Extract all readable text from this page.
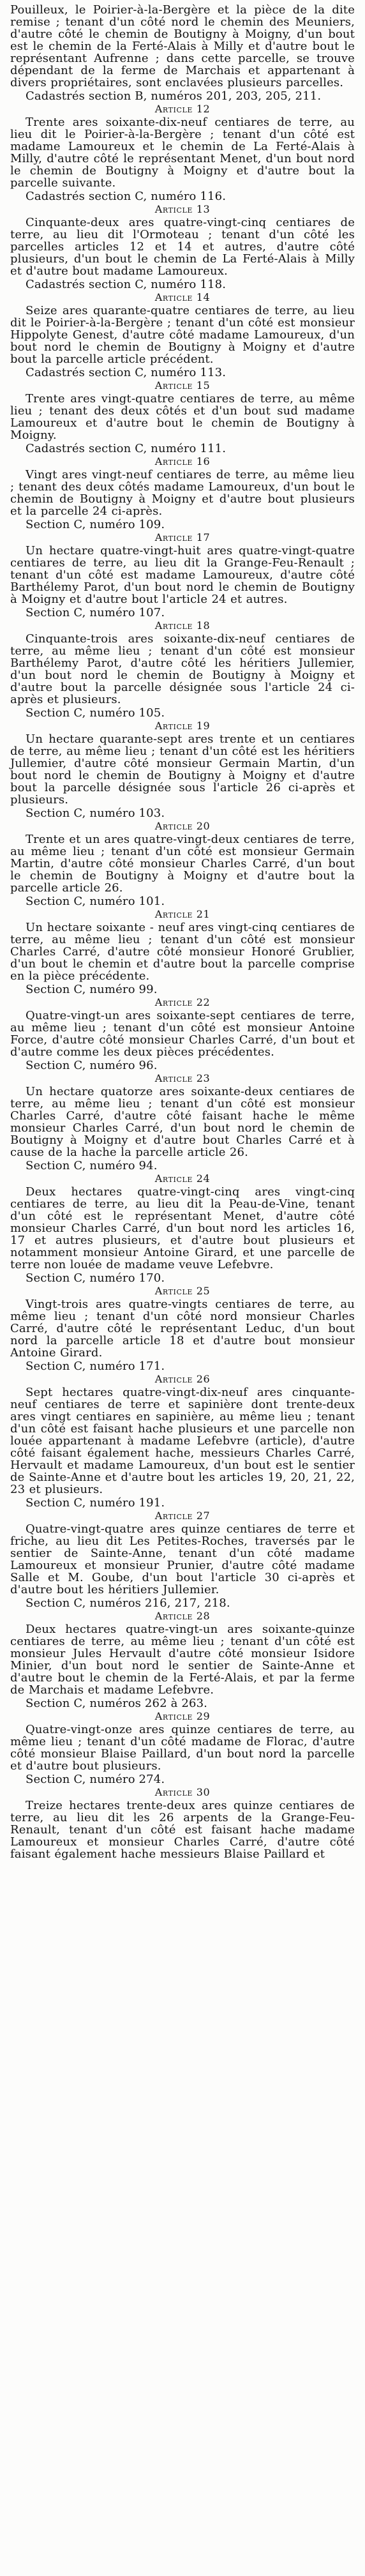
Pouilleux, le Poirier-à-la-Bergère et la pièce de la dite remise ; tenant d'un côté nord le chemin des Meuniers, d'autre côté le chemin de Boutigny à Moigny, d'un bout est le chemin de la Ferté-Alais à Milly et d'autre bout le représentant Aufrenne ; dans cette parcelle, se trouve dépendant de la ferme de Marchais et appartenant à divers propriétaires, sont enclavées plusieurs parcelles.

Cadastrés section B, numéros 201, 203, 205, 211.

Article 12

Trente ares soixante-dix-neuf centiares de terre, au lieu dit le Poirier-à-la-Bergère ; tenant d'un côté est madame Lamoureux et le chemin de La Ferté-Alais à Milly, d'autre côté le représentant Menet, d'un bout nord le chemin de Boutigny à Moigny et d'autre bout la parcelle suivante.

Cadastrés section C, numéro 116.

Article 13

Cinquante-deux ares quatre-vingt-cinq centiares de terre, au lieu dit l'Ormoteau ; tenant d'un côté les parcelles articles 12 et 14 et autres, d'autre côté plusieurs, d'un bout le chemin de La Ferté-Alais à Milly et d'autre bout madame Lamoureux.

Cadastrés section C, numéro 118.

Article 14

Seize ares quarante-quatre centiares de terre, au lieu dit le Poirier-à-la-Bergère ; tenant d'un côté est monsieur Hippolyte Genest, d'autre côté madame Lamoureux, d'un bout nord le chemin de Boutigny à Moigny et d'autre bout la parcelle article précédent.

Cadastrés section C, numéro 113.

Article 15

Trente ares vingt-quatre centiares de terre, au même lieu ; tenant des deux côtés et d'un bout sud madame Lamoureux et d'autre bout le chemin de Boutigny à Moigny.

Cadastrés section C, numéro 111.

Article 16

Vingt ares vingt-neuf centiares de terre, au même lieu ; tenant des deux côtés madame Lamoureux, d'un bout le chemin de Boutigny à Moigny et d'autre bout plusieurs et la parcelle 24 ci-après.

Section C, numéro 109.

Article 17

Un hectare quatre-vingt-huit ares quatre-vingt-quatre centiares de terre, au lieu dit la Grange-Feu-Renault ; tenant d'un côté est madame Lamoureux, d'autre côté Barthélemy Parot, d'un bout nord le chemin de Boutigny à Moigny et d'autre bout l'article 24 et autres.

Section C, numéro 107.

Article 18

Cinquante-trois ares soixante-dix-neuf centiares de terre, au même lieu ; tenant d'un côté est monsieur Barthélemy Parot, d'autre côté les héritiers Jullemier, d'un bout nord le chemin de Boutigny à Moigny et d'autre bout la parcelle désignée sous l'article 24 ci-après et plusieurs.

Section C, numéro 105.

Article 19

Un hectare quarante-sept ares trente et un centiares de terre, au même lieu ; tenant d'un côté est les héritiers Jullemier, d'autre côté monsieur Germain Martin, d'un bout nord le chemin de Boutigny à Moigny et d'autre bout la parcelle désignée sous l'article 26 ci-après et plusieurs.

Section C, numéro 103.

Article 20

Trente et un ares quatre-vingt-deux centiares de terre, au même lieu ; tenant d'un côté est monsieur Germain Martin, d'autre côté monsieur Charles Carré, d'un bout le chemin de Boutigny à Moigny et d'autre bout la parcelle article 26.

Section C, numéro 101.

Article 21

Un hectare soixante - neuf ares vingt-cinq centiares de terre, au même lieu ; tenant d'un côté est monsieur Charles Carré, d'autre côté monsieur Honoré Grublier, d'un bout le chemin et d'autre bout la parcelle comprise en la pièce précédente.

Section C, numéro 99.

Article 22

Quatre-vingt-un ares soixante-sept centiares de terre, au même lieu ; tenant d'un côté est monsieur Antoine Force, d'autre côté monsieur Charles Carré, d'un bout et d'autre comme les deux pièces précédentes.

Section C, numéro 96.

Article 23

Un hectare quatorze ares soixante-deux centiares de terre, au même lieu ; tenant d'un côté est monsieur Charles Carré, d'autre côté faisant hache le même monsieur Charles Carré, d'un bout nord le chemin de Boutigny à Moigny et d'autre bout Charles Carré et à cause de la hache la parcelle article 26.

Section C, numéro 94.

Article 24

Deux hectares quatre-vingt-cinq ares vingt-cinq centiares de terre, au lieu dit la Peau-de-Vine, tenant d'un côté est le représentant Menet, d'autre côté monsieur Charles Carré, d'un bout nord les articles 16, 17 et autres plusieurs, et d'autre bout plusieurs et notamment monsieur Antoine Girard, et une parcelle de terre non louée de madame veuve Lefebvre.

Section C, numéro 170.

Article 25

Vingt-trois ares quatre-vingts centiares de terre, au même lieu ; tenant d'un côté nord monsieur Charles Carré, d'autre côté le représentant Leduc, d'un bout nord la parcelle article 18 et d'autre bout monsieur Antoine Girard.

Section C, numéro 171.

Article 26

Sept hectares quatre-vingt-dix-neuf ares cinquante-neuf centiares de terre et sapinière dont trente-deux ares vingt centiares en sapinière, au même lieu ; tenant d'un côté est faisant hache plusieurs et une parcelle non louée appartenant à madame Lefebvre (article), d'autre côté faisant également hache, messieurs Charles Carré, Hervault et madame Lamoureux, d'un bout est le sentier de Sainte-Anne et d'autre bout les articles 19, 20, 21, 22, 23 et plusieurs.

Section C, numéro 191.

Article 27

Quatre-vingt-quatre ares quinze centiares de terre et friche, au lieu dit Les Petites-Roches, traversés par le sentier de Sainte-Anne, tenant d'un côté madame Lamoureux et monsieur Prunier, d'autre côté madame Salle et M. Goube, d'un bout l'article 30 ci-après et d'autre bout les héritiers Jullemier.

Section C, numéros 216, 217, 218.

Article 28

Deux hectares quatre-vingt-un ares soixante-quinze centiares de terre, au même lieu ; tenant d'un côté est monsieur Jules Hervault d'autre côté monsieur Isidore Minier, d'un bout nord le sentier de Sainte-Anne et d'autre bout le chemin de la Ferté-Alais, et par la ferme de Marchais et madame Lefebvre.

Section C, numéros 262 à 263.

Article 29

Quatre-vingt-onze ares quinze centiares de terre, au même lieu ; tenant d'un côté madame de Florac, d'autre côté monsieur Blaise Paillard, d'un bout nord la parcelle et d'autre bout plusieurs.

Section C, numéro 274.

Article 30

Treize hectares trente-deux ares quinze centiares de terre, au lieu dit les 26 arpents de la Grange-Feu-Renault, tenant d'un côté est faisant hache madame Lamoureux et monsieur Charles Carré, d'autre côté faisant également hache messieurs Blaise Paillard et
